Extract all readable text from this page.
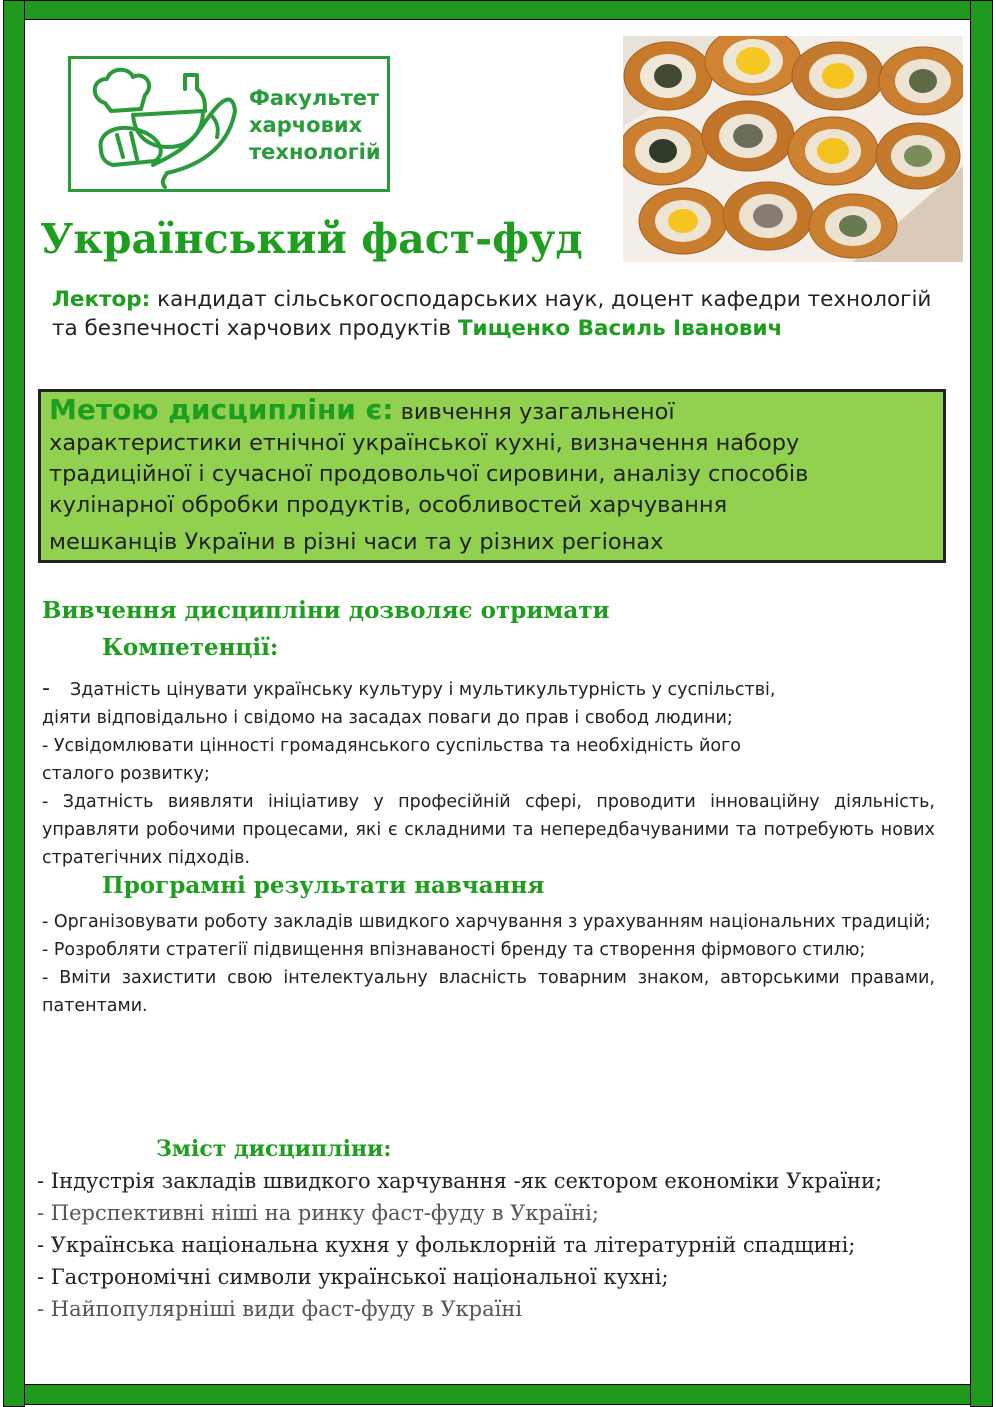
Факультет
харчових
технологій
Український фаст-фуд

Лектор: кандидат сільськогосподарських наук, доцент кафедри технологій та безпечності харчових продуктів Тищенко Василь Іванович

Метою дисципліни є: вивчення узагальненої

характеристики етнічної української кухні, визначення набору

традиційної і сучасної продовольчої сировини, аналізу способів

кулінарної обробки продуктів, особливостей харчування

мешканців України в різні часи та у різних регіонах

Вивчення дисципліни дозволяє отримати
Компетенції:

- Здатність цінувати українську культуру і мультикультурність у суспільстві,

діяти відповідально і свідомо на засадах поваги до прав і свобод людини;

- Усвідомлювати цінності громадянського суспільства та необхідність його

сталого розвитку;

- Здатність виявляти ініціативу у професійній сфері, проводити інноваційну діяльність, управляти робочими процесами, які є складними та непередбачуваними та потребують нових стратегічних підходів.

Програмні результати навчання

- Організовувати роботу закладів швидкого харчування з урахуванням національних традицій;

- Розробляти стратегії підвищення впізнаваності бренду та створення фірмового стилю;

- Вміти захистити свою інтелектуальну власність товарним знаком, авторськими правами, патентами.

Зміст дисципліни:

- Індустрія закладів швидкого харчування -як сектором економіки України;

- Перспективні ніші на ринку фаст-фуду в Україні;

- Українська національна кухня у фольклорній та літературній спадщині;

- Гастрономічні символи української національної кухні;

- Найпопулярніші види фаст-фуду в Україні
